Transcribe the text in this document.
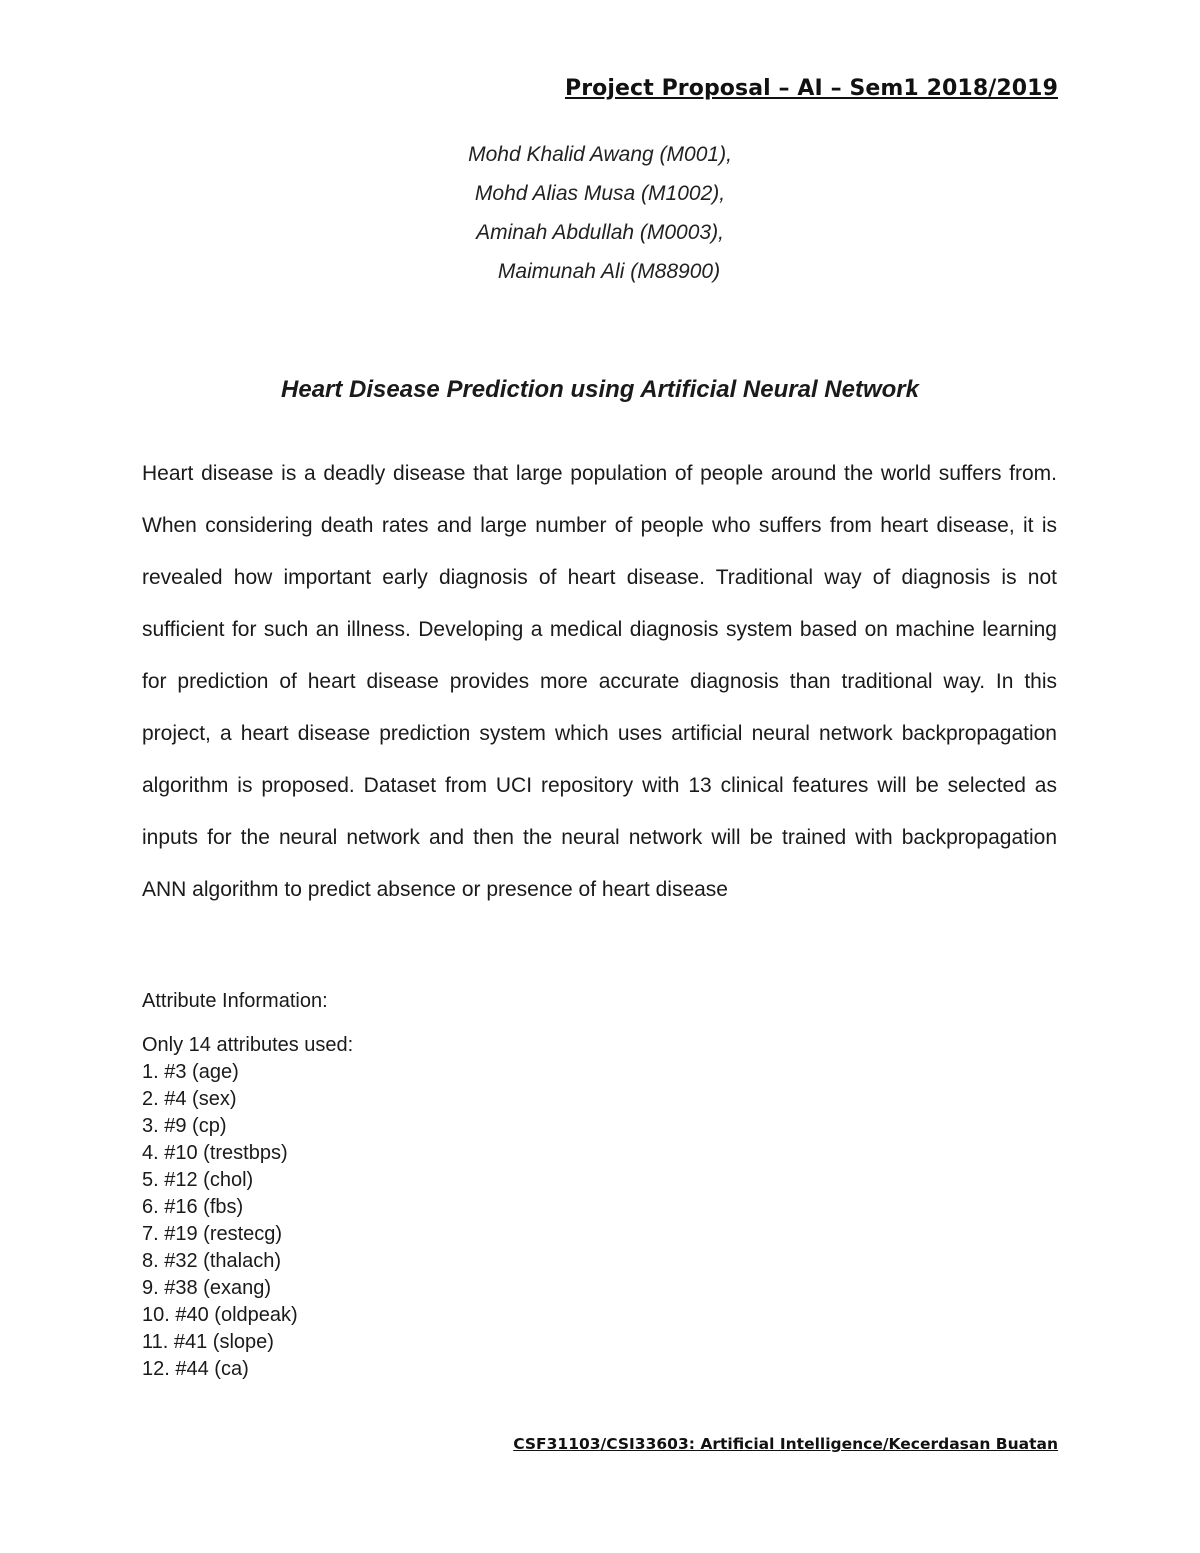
Project Proposal – AI – Sem1 2018/2019
Mohd Khalid Awang (M001),
Mohd Alias Musa (M1002),
Aminah Abdullah (M0003),
Maimunah Ali (M88900)
Heart Disease Prediction using Artificial Neural Network

Heart disease is a deadly disease that large population of people around the world suffers from. When considering death rates and large number of people who suffers from heart disease, it is revealed how important early diagnosis of heart disease. Traditional way of diagnosis is not sufficient for such an illness. Developing a medical diagnosis system based on machine learning for prediction of heart disease provides more accurate diagnosis than traditional way. In this project, a heart disease prediction system which uses artificial neural network backpropagation algorithm is proposed. Dataset from UCI repository with 13 clinical features will be selected as inputs for the neural network and then the neural network will be trained with backpropagation ANN algorithm to predict absence or presence of heart disease

Attribute Information:
Only 14 attributes used:
1. #3 (age)
2. #4 (sex)
3. #9 (cp)
4. #10 (trestbps)
5. #12 (chol)
6. #16 (fbs)
7. #19 (restecg)
8. #32 (thalach)
9. #38 (exang)
10. #40 (oldpeak)
11. #41 (slope)
12. #44 (ca)
CSF31103/CSI33603: Artificial Intelligence/Kecerdasan Buatan
